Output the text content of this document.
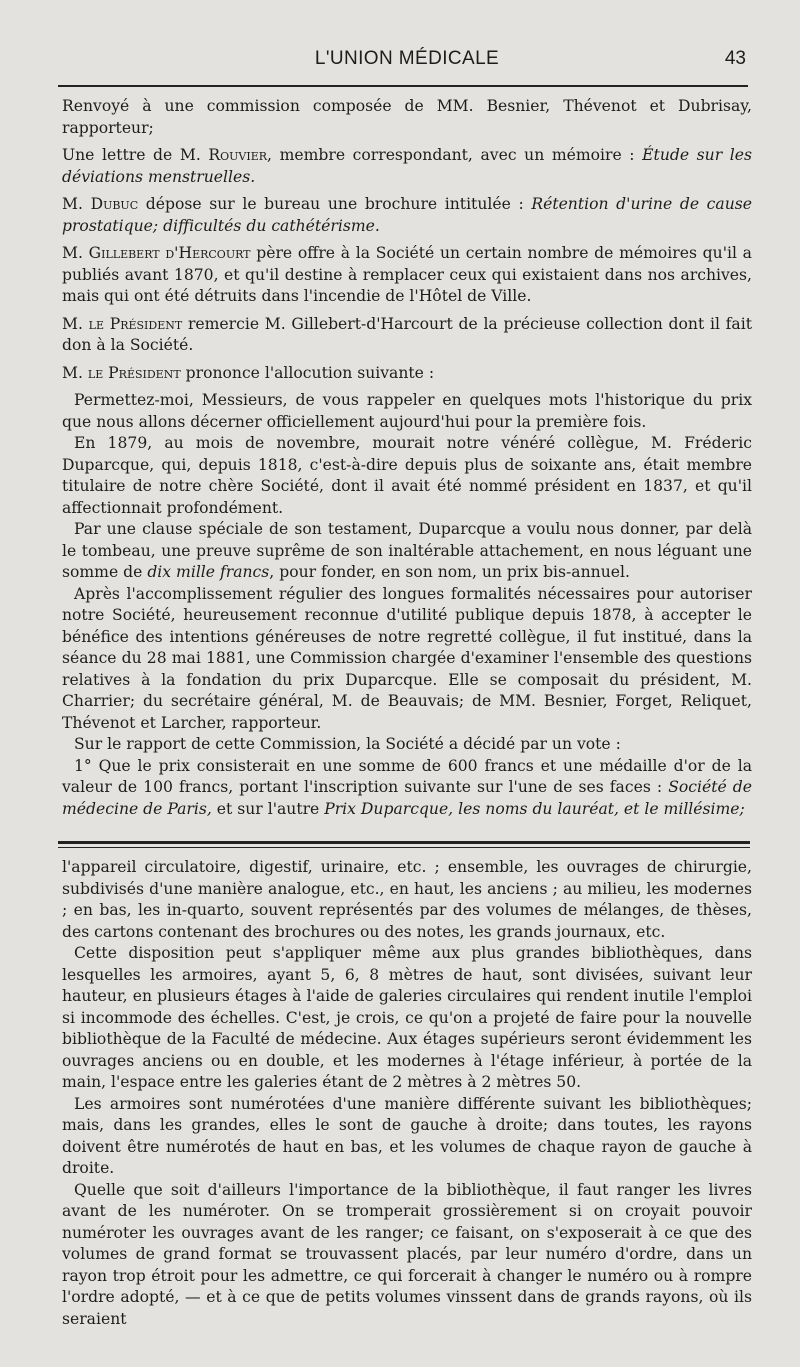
L'UNION MÉDICALE	43

Renvoyé à une commission composée de MM. Besnier, Thévenot et Dubrisay, rapporteur;

Une lettre de M. Rouvier, membre correspondant, avec un mémoire : Étude sur les déviations menstruelles.

M. Dubuc dépose sur le bureau une brochure intitulée : Rétention d'urine de cause prostatique; difficultés du cathétérisme.

M. Gillebert d'Hercourt père offre à la Société un certain nombre de mémoires qu'il a publiés avant 1870, et qu'il destine à remplacer ceux qui existaient dans nos archives, mais qui ont été détruits dans l'incendie de l'Hôtel de Ville.

M. le Président remercie M. Gillebert-d'Harcourt de la précieuse collection dont il fait don à la Société.

M. le Président prononce l'allocution suivante :

Permettez-moi, Messieurs, de vous rappeler en quelques mots l'historique du prix que nous allons décerner officiellement aujourd'hui pour la première fois.

En 1879, au mois de novembre, mourait notre vénéré collègue, M. Fréderic Duparcque, qui, depuis 1818, c'est-à-dire depuis plus de soixante ans, était membre titulaire de notre chère Société, dont il avait été nommé président en 1837, et qu'il affectionnait profondément.

Par une clause spéciale de son testament, Duparcque a voulu nous donner, par delà le tombeau, une preuve suprême de son inaltérable attachement, en nous léguant une somme de dix mille francs, pour fonder, en son nom, un prix bis-annuel.

Après l'accomplissement régulier des longues formalités nécessaires pour autoriser notre Société, heureusement reconnue d'utilité publique depuis 1878, à accepter le bénéfice des intentions généreuses de notre regretté collègue, il fut institué, dans la séance du 28 mai 1881, une Commission chargée d'examiner l'ensemble des questions relatives à la fondation du prix Duparcque. Elle se composait du président, M. Charrier; du secrétaire général, M. de Beauvais; de MM. Besnier, Forget, Reliquet, Thévenot et Larcher, rapporteur.

Sur le rapport de cette Commission, la Société a décidé par un vote :

1° Que le prix consisterait en une somme de 600 francs et une médaille d'or de la valeur de 100 francs, portant l'inscription suivante sur l'une de ses faces : Société de médecine de Paris, et sur l'autre Prix Duparcque, les noms du lauréat, et le millésime;

l'appareil circulatoire, digestif, urinaire, etc. ; ensemble, les ouvrages de chirurgie, subdivisés d'une manière analogue, etc., en haut, les anciens ; au milieu, les modernes ; en bas, les in-quarto, souvent représentés par des volumes de mélanges, de thèses, des cartons contenant des brochures ou des notes, les grands journaux, etc.

Cette disposition peut s'appliquer même aux plus grandes bibliothèques, dans lesquelles les armoires, ayant 5, 6, 8 mètres de haut, sont divisées, suivant leur hauteur, en plusieurs étages à l'aide de galeries circulaires qui rendent inutile l'emploi si incommode des échelles. C'est, je crois, ce qu'on a projeté de faire pour la nouvelle bibliothèque de la Faculté de médecine. Aux étages supérieurs seront évidemment les ouvrages anciens ou en double, et les modernes à l'étage inférieur, à portée de la main, l'espace entre les galeries étant de 2 mètres à 2 mètres 50.

Les armoires sont numérotées d'une manière différente suivant les bibliothèques; mais, dans les grandes, elles le sont de gauche à droite; dans toutes, les rayons doivent être numérotés de haut en bas, et les volumes de chaque rayon de gauche à droite.

Quelle que soit d'ailleurs l'importance de la bibliothèque, il faut ranger les livres avant de les numéroter. On se tromperait grossièrement si on croyait pouvoir numéroter les ouvrages avant de les ranger; ce faisant, on s'exposerait à ce que des volumes de grand format se trouvassent placés, par leur numéro d'ordre, dans un rayon trop étroit pour les admettre, ce qui forcerait à changer le numéro ou à rompre l'ordre adopté, — et à ce que de petits volumes vinssent dans de grands rayons, où ils seraient
